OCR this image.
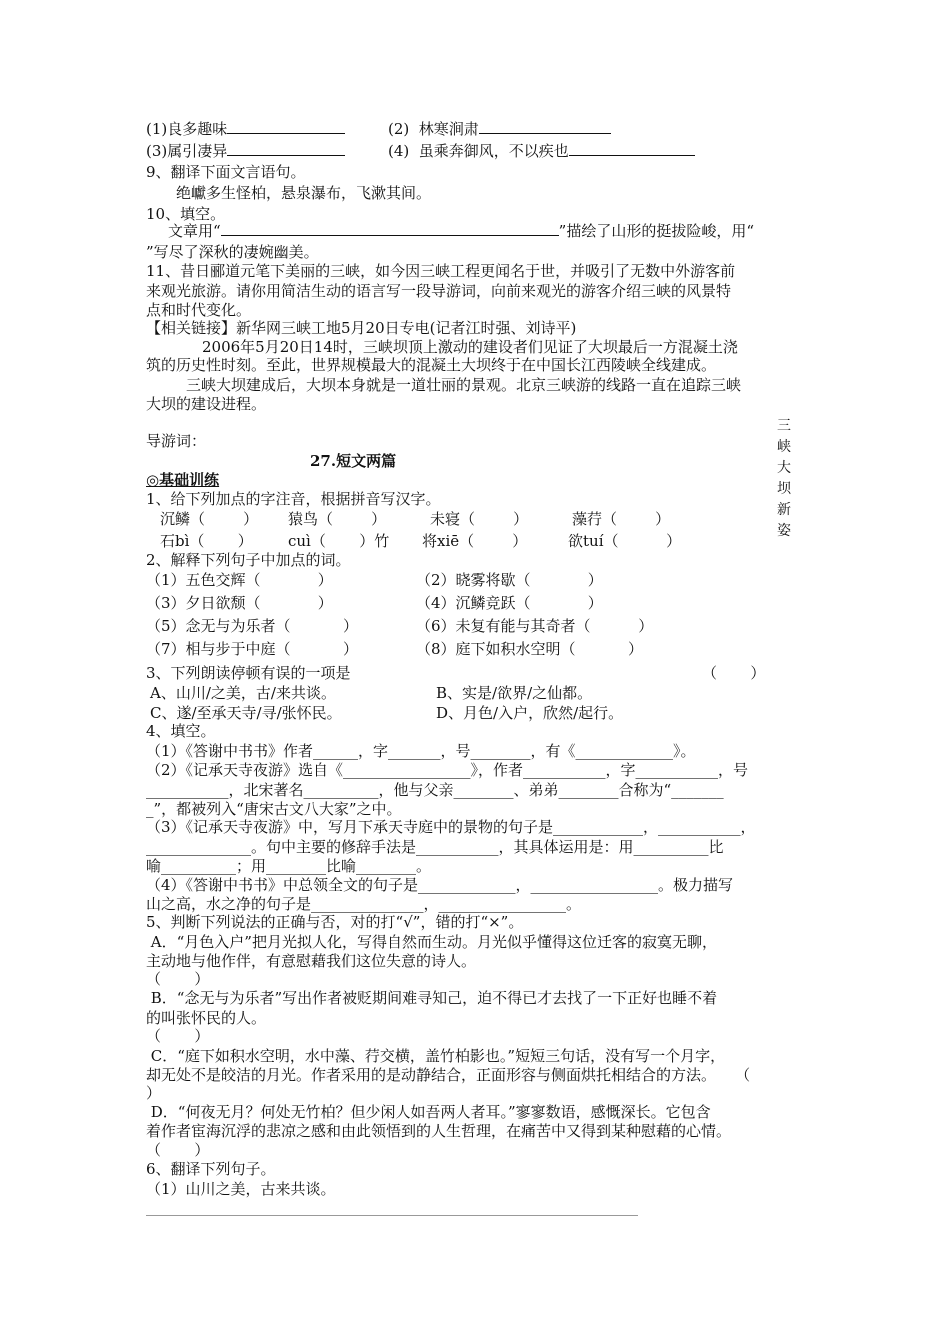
(1)良多趣味	(2)  林寒涧肃
(3)属引凄异	(4)  虽乘奔御风，不以疾也
9、翻译下面文言语句。
绝巘多生怪柏，悬泉瀑布，飞漱其间。
10、填空。
文章用“	”描绘了山形的挺拔险峻，用“
”写尽了深秋的凄婉幽美。
11、昔日郦道元笔下美丽的三峡，如今因三峡工程更闻名于世，并吸引了无数中外游客前
来观光旅游。请你用简洁生动的语言写一段导游词，向前来观光的游客介绍三峡的风景特
点和时代变化。
【相关链接】新华网三峡工地5月20日专电(记者江时强、刘诗平)
2006年5月20日14时，三峡坝顶上激动的建设者们见证了大坝最后一方混凝土浇
筑的历史性时刻。至此，世界规模最大的混凝土大坝终于在中国长江西陵峡全线建成。
三峡大坝建成后，大坝本身就是一道壮丽的景观。北京三峡游的线路一直在追踪三峡
大坝的建设进程。
导游词：
三
峡
大
坝
新
姿
27.短文两篇
◎基础训练
1、给下列加点的字注音，根据拼音写汉字。
沉鳞（        ） 猿鸟（        ）	未寝（        ）	藻荇（        ）
石bì（       ） cuì（       ）竹 将xiē（        ）	欲tuí（          ）
2、解释下列句子中加点的词。
（1）五色交辉（            ）	（2）晓雾将歇（            ）
（3）夕日欲颓（            ）	（4）沉鳞竞跃（            ）
（5）念无与为乐者（           ）	（6）未复有能与其奇者（          ）
（7）相与步于中庭（           ）	（8）庭下如积水空明（           ）
3、下列朗读停顿有误的一项是	（       ）
A、山川/之美，古/来共谈。	B、实是/欲界/之仙都。
C、遂/至承天寺/寻/张怀民。	D、月色/入户，欣然/起行。
4、填空。
（1）《答谢中书书》作者______，字_______，号________，有《_____________》。
（2）《记承天寺夜游》选自《_________________》，作者___________，字___________，号
___________，北宋著名__________，他与父亲________、弟弟________合称为“_______
_”，都被列入“唐宋古文八大家”之中。
（3）《记承天寺夜游》中，写月下承天寺庭中的景物的句子是____________，___________，
______________。句中主要的修辞手法是___________，其具体运用是：用__________比
喻__________；用________比喻________。
（4）《答谢中书书》中总领全文的句子是_____________，_________________。极力描写
山之高，水之净的句子是_______________，_________________。
5、判断下列说法的正确与否，对的打“√”，错的打“×”。
A．“月色入户”把月光拟人化，写得自然而生动。月光似乎懂得这位迁客的寂寞无聊，
主动地与他作伴，有意慰藉我们这位失意的诗人。
（       ）
B．“念无与为乐者”写出作者被贬期间难寻知己，迫不得已才去找了一下正好也睡不着
的叫张怀民的人。
（       ）
C．“庭下如积水空明，水中藻、荇交横，盖竹柏影也。”短短三句话，没有写一个月字，
却无处不是皎洁的月光。作者采用的是动静结合，正面形容与侧面烘托相结合的方法。    （
）
D．“何夜无月？何处无竹柏？但少闲人如吾两人者耳。”寥寥数语，感慨深长。它包含
着作者宦海沉浮的悲凉之感和由此领悟到的人生哲理，在痛苦中又得到某种慰藉的心情。
（       ）
6、翻译下列句子。
（1）山川之美，古来共谈。
